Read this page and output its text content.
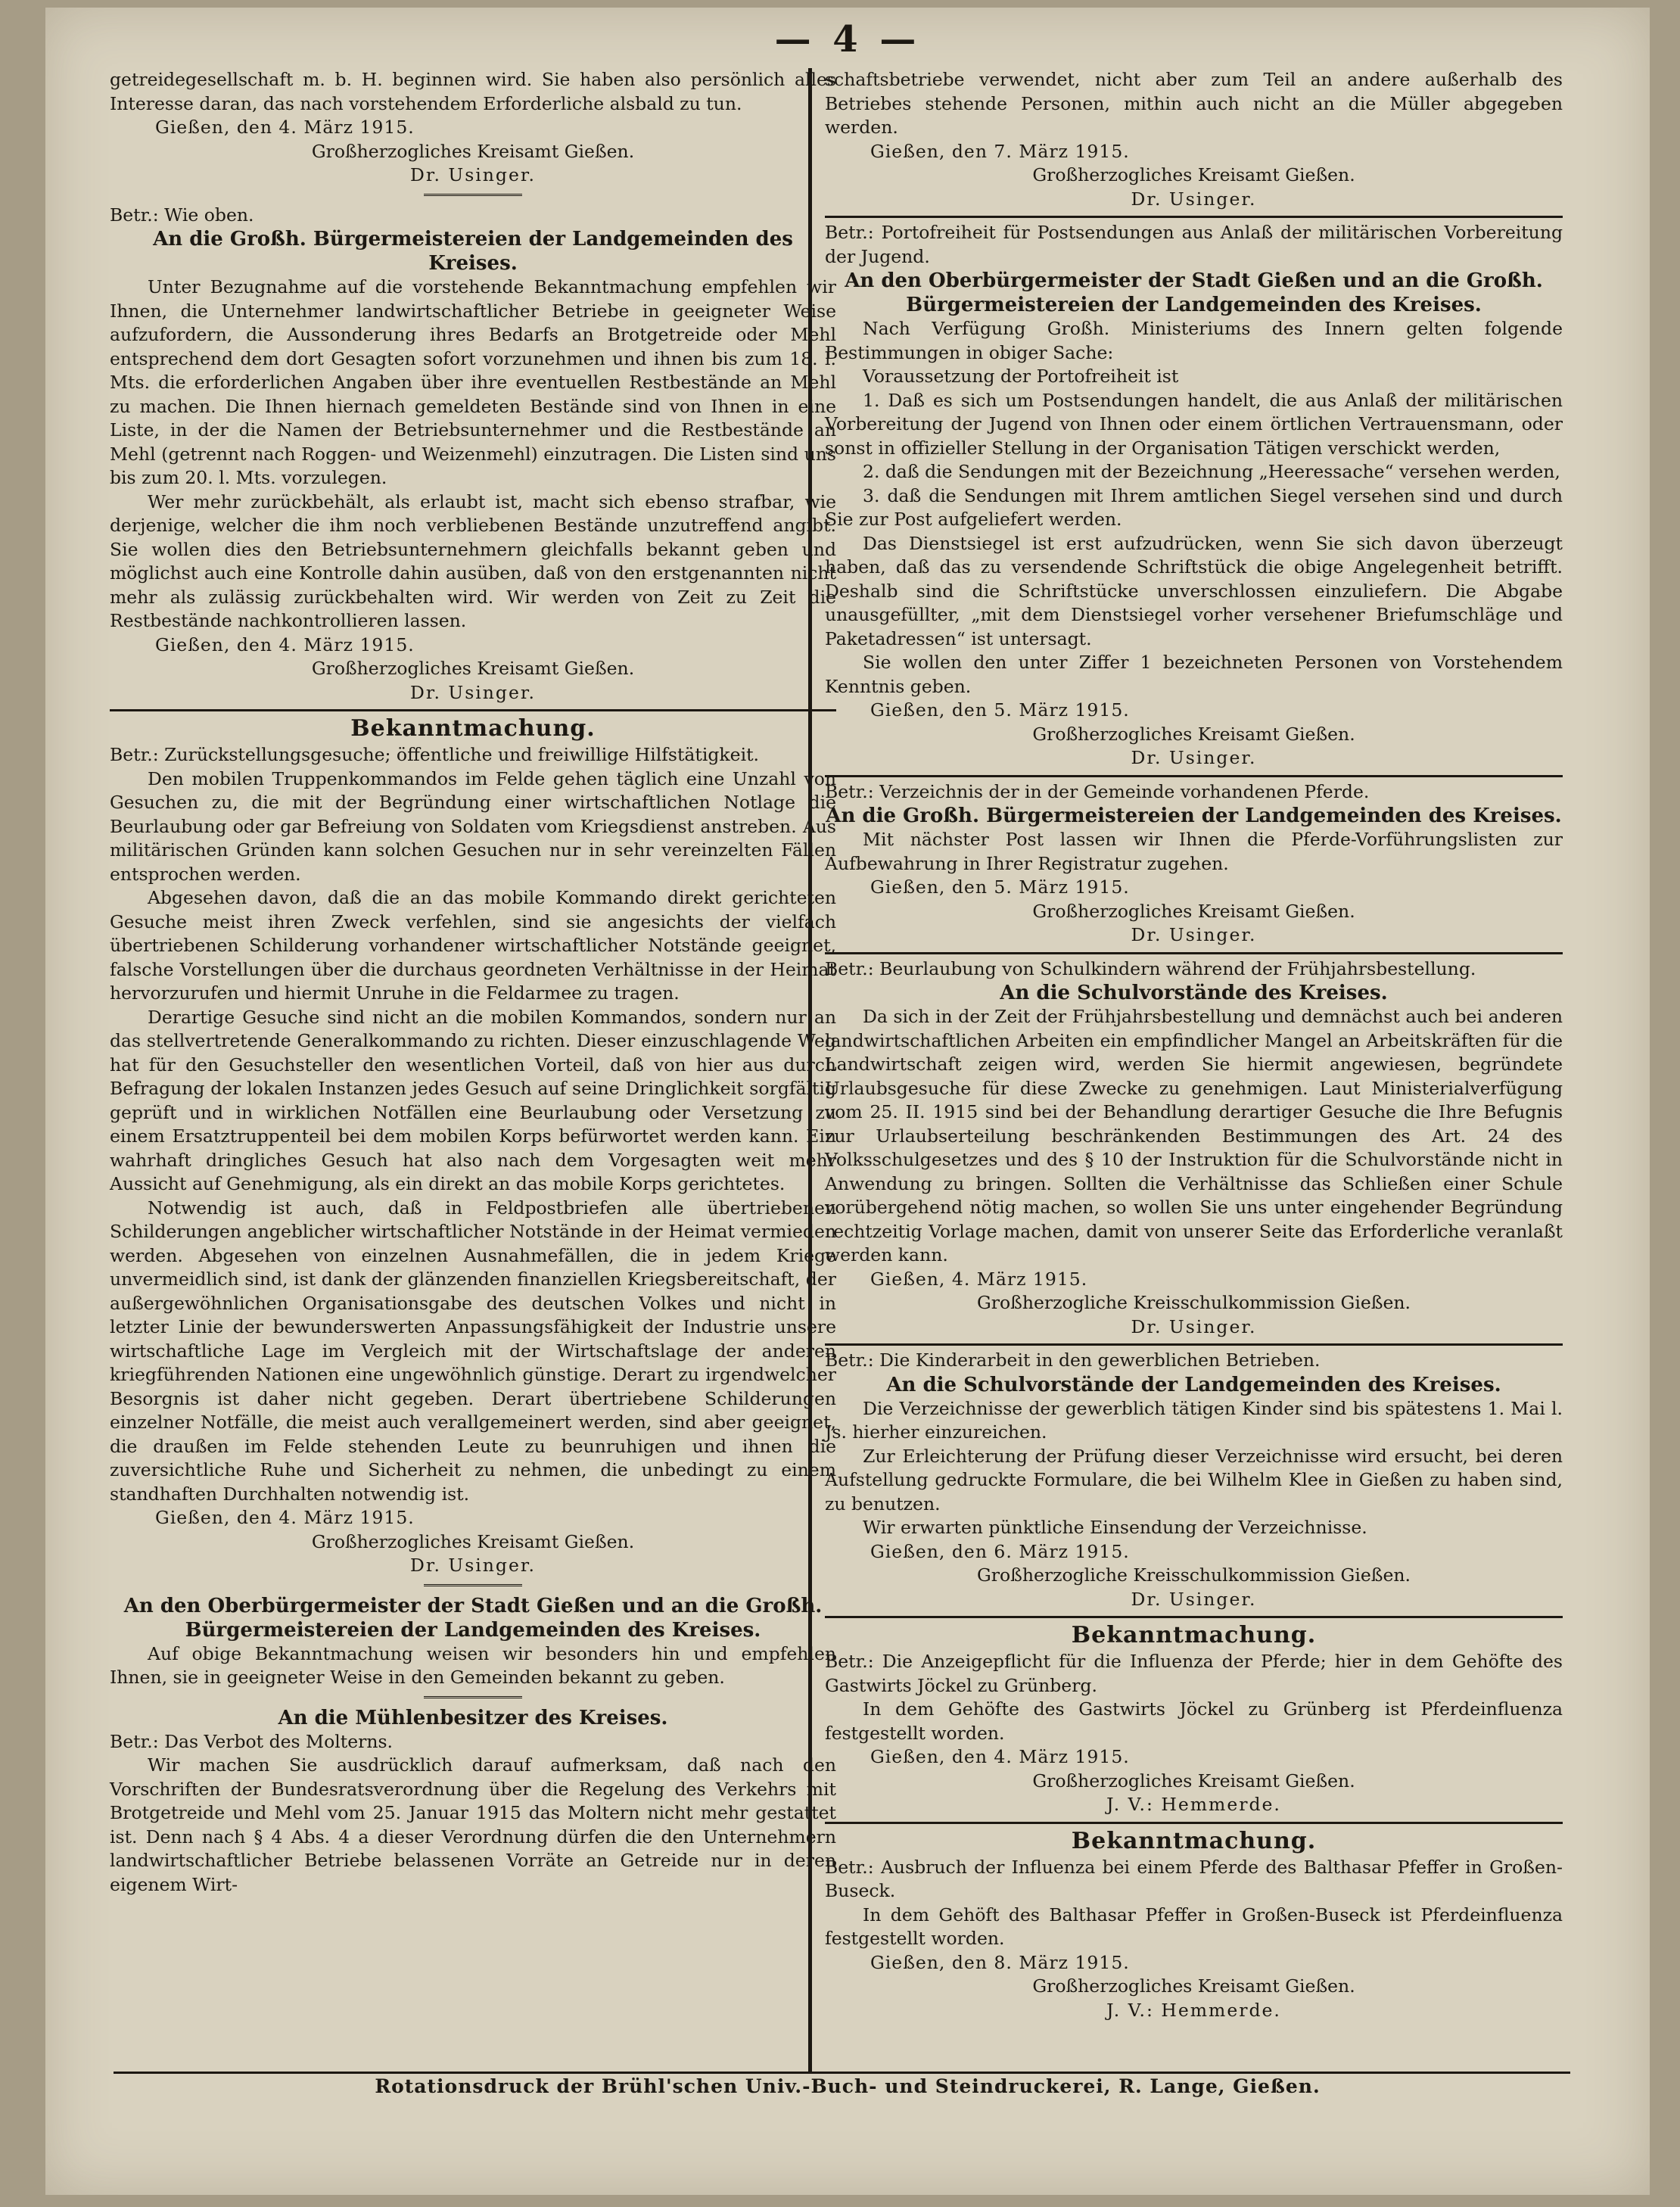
— 4 —

getreidegesellschaft m. b. H. beginnen wird. Sie haben also persönlich alles Interesse daran, das nach vorstehendem Erforderliche alsbald zu tun.

Gießen, den 4. März 1915.

Großherzogliches Kreisamt Gießen.

Dr. Usinger.

Betr.: Wie oben.

An die Großh. Bürgermeistereien der Landgemeinden des Kreises.

Unter Bezugnahme auf die vorstehende Bekanntmachung empfehlen wir Ihnen, die Unternehmer landwirtschaftlicher Betriebe in geeigneter Weise aufzufordern, die Aussonderung ihres Bedarfs an Brotgetreide oder Mehl entsprechend dem dort Gesagten sofort vorzunehmen und ihnen bis zum 18. l. Mts. die erforderlichen Angaben über ihre eventuellen Restbestände an Mehl zu machen. Die Ihnen hiernach gemeldeten Bestände sind von Ihnen in eine Liste, in der die Namen der Betriebsunternehmer und die Restbestände an Mehl (getrennt nach Roggen- und Weizenmehl) einzutragen. Die Listen sind uns bis zum 20. l. Mts. vorzulegen.

Wer mehr zurückbehält, als erlaubt ist, macht sich ebenso strafbar, wie derjenige, welcher die ihm noch verbliebenen Bestände unzutreffend angibt. Sie wollen dies den Betriebsunternehmern gleichfalls bekannt geben und möglichst auch eine Kontrolle dahin ausüben, daß von den erstgenannten nicht mehr als zulässig zurückbehalten wird. Wir werden von Zeit zu Zeit die Restbestände nachkontrollieren lassen.

Gießen, den 4. März 1915.

Großherzogliches Kreisamt Gießen.

Dr. Usinger.

Bekanntmachung.

Betr.: Zurückstellungsgesuche; öffentliche und freiwillige Hilfstätigkeit.

Den mobilen Truppenkommandos im Felde gehen täglich eine Unzahl von Gesuchen zu, die mit der Begründung einer wirtschaftlichen Notlage die Beurlaubung oder gar Befreiung von Soldaten vom Kriegsdienst anstreben. Aus militärischen Gründen kann solchen Gesuchen nur in sehr vereinzelten Fällen entsprochen werden.

Abgesehen davon, daß die an das mobile Kommando direkt gerichteten Gesuche meist ihren Zweck verfehlen, sind sie angesichts der vielfach übertriebenen Schilderung vorhandener wirtschaftlicher Notstände geeignet, falsche Vorstellungen über die durchaus geordneten Verhältnisse in der Heimat hervorzurufen und hiermit Unruhe in die Feldarmee zu tragen.

Derartige Gesuche sind nicht an die mobilen Kommandos, sondern nur an das stellvertretende Generalkommando zu richten. Dieser einzuschlagende Weg hat für den Gesuchsteller den wesentlichen Vorteil, daß von hier aus durch Befragung der lokalen Instanzen jedes Gesuch auf seine Dringlichkeit sorgfältig geprüft und in wirklichen Notfällen eine Beurlaubung oder Versetzung zu einem Ersatztruppenteil bei dem mobilen Korps befürwortet werden kann. Ein wahrhaft dringliches Gesuch hat also nach dem Vorgesagten weit mehr Aussicht auf Genehmigung, als ein direkt an das mobile Korps gerichtetes.

Notwendig ist auch, daß in Feldpostbriefen alle übertriebenen Schilderungen angeblicher wirtschaftlicher Notstände in der Heimat vermieden werden. Abgesehen von einzelnen Ausnahmefällen, die in jedem Kriege unvermeidlich sind, ist dank der glänzenden finanziellen Kriegsbereitschaft, der außergewöhnlichen Organisationsgabe des deutschen Volkes und nicht in letzter Linie der bewunderswerten Anpassungsfähigkeit der Industrie unsere wirtschaftliche Lage im Vergleich mit der Wirtschaftslage der anderen kriegführenden Nationen eine ungewöhnlich günstige. Derart zu irgendwelcher Besorgnis ist daher nicht gegeben. Derart übertriebene Schilderungen einzelner Notfälle, die meist auch verallgemeinert werden, sind aber geeignet, die draußen im Felde stehenden Leute zu beunruhigen und ihnen die zuversichtliche Ruhe und Sicherheit zu nehmen, die unbedingt zu einem standhaften Durchhalten notwendig ist.

Gießen, den 4. März 1915.

Großherzogliches Kreisamt Gießen.

Dr. Usinger.

An den Oberbürgermeister der Stadt Gießen und an die Großh. Bürgermeistereien der Landgemeinden des Kreises.

Auf obige Bekanntmachung weisen wir besonders hin und empfehlen Ihnen, sie in geeigneter Weise in den Gemeinden bekannt zu geben.

An die Mühlenbesitzer des Kreises.

Betr.: Das Verbot des Molterns.

Wir machen Sie ausdrücklich darauf aufmerksam, daß nach den Vorschriften der Bundesratsverordnung über die Regelung des Verkehrs mit Brotgetreide und Mehl vom 25. Januar 1915 das Moltern nicht mehr gestattet ist. Denn nach § 4 Abs. 4 a dieser Verordnung dürfen die den Unternehmern landwirtschaftlicher Betriebe belassenen Vorräte an Getreide nur in deren eigenem Wirt-

schaftsbetriebe verwendet, nicht aber zum Teil an andere außerhalb des Betriebes stehende Personen, mithin auch nicht an die Müller abgegeben werden.

Gießen, den 7. März 1915.

Großherzogliches Kreisamt Gießen.

Dr. Usinger.

Betr.: Portofreiheit für Postsendungen aus Anlaß der militärischen Vorbereitung der Jugend.

An den Oberbürgermeister der Stadt Gießen und an die Großh. Bürgermeistereien der Landgemeinden des Kreises.

Nach Verfügung Großh. Ministeriums des Innern gelten folgende Bestimmungen in obiger Sache:

Voraussetzung der Portofreiheit ist

1. Daß es sich um Postsendungen handelt, die aus Anlaß der militärischen Vorbereitung der Jugend von Ihnen oder einem örtlichen Vertrauensmann, oder sonst in offizieller Stellung in der Organisation Tätigen verschickt werden,

2. daß die Sendungen mit der Bezeichnung „Heeressache“ versehen werden,

3. daß die Sendungen mit Ihrem amtlichen Siegel versehen sind und durch Sie zur Post aufgeliefert werden.

Das Dienstsiegel ist erst aufzudrücken, wenn Sie sich davon überzeugt haben, daß das zu versendende Schriftstück die obige Angelegenheit betrifft. Deshalb sind die Schriftstücke unverschlossen einzuliefern. Die Abgabe unausgefüllter, „mit dem Dienstsiegel vorher versehener Briefumschläge und Paketadressen“ ist untersagt.

Sie wollen den unter Ziffer 1 bezeichneten Personen von Vorstehendem Kenntnis geben.

Gießen, den 5. März 1915.

Großherzogliches Kreisamt Gießen.

Dr. Usinger.

Betr.: Verzeichnis der in der Gemeinde vorhandenen Pferde.

An die Großh. Bürgermeistereien der Landgemeinden des Kreises.

Mit nächster Post lassen wir Ihnen die Pferde-Vorführungslisten zur Aufbewahrung in Ihrer Registratur zugehen.

Gießen, den 5. März 1915.

Großherzogliches Kreisamt Gießen.

Dr. Usinger.

Betr.: Beurlaubung von Schulkindern während der Frühjahrsbestellung.

An die Schulvorstände des Kreises.

Da sich in der Zeit der Frühjahrsbestellung und demnächst auch bei anderen landwirtschaftlichen Arbeiten ein empfindlicher Mangel an Arbeitskräften für die Landwirtschaft zeigen wird, werden Sie hiermit angewiesen, begründete Urlaubsgesuche für diese Zwecke zu genehmigen. Laut Ministerialverfügung vom 25. II. 1915 sind bei der Behandlung derartiger Gesuche die Ihre Befugnis zur Urlaubserteilung beschränkenden Bestimmungen des Art. 24 des Volksschulgesetzes und des § 10 der Instruktion für die Schulvorstände nicht in Anwendung zu bringen. Sollten die Verhältnisse das Schließen einer Schule vorübergehend nötig machen, so wollen Sie uns unter eingehender Begründung rechtzeitig Vorlage machen, damit von unserer Seite das Erforderliche veranlaßt werden kann.

Gießen, 4. März 1915.

Großherzogliche Kreisschulkommission Gießen.

Dr. Usinger.

Betr.: Die Kinderarbeit in den gewerblichen Betrieben.

An die Schulvorstände der Landgemeinden des Kreises.

Die Verzeichnisse der gewerblich tätigen Kinder sind bis spätestens 1. Mai l. Js. hierher einzureichen.

Zur Erleichterung der Prüfung dieser Verzeichnisse wird ersucht, bei deren Aufstellung gedruckte Formulare, die bei Wilhelm Klee in Gießen zu haben sind, zu benutzen.

Wir erwarten pünktliche Einsendung der Verzeichnisse.

Gießen, den 6. März 1915.

Großherzogliche Kreisschulkommission Gießen.

Dr. Usinger.

Bekanntmachung.

Betr.: Die Anzeigepflicht für die Influenza der Pferde; hier in dem Gehöfte des Gastwirts Jöckel zu Grünberg.

In dem Gehöfte des Gastwirts Jöckel zu Grünberg ist Pferdeinfluenza festgestellt worden.

Gießen, den 4. März 1915.

Großherzogliches Kreisamt Gießen.

J. V.: Hemmerde.

Bekanntmachung.

Betr.: Ausbruch der Influenza bei einem Pferde des Balthasar Pfeffer in Großen-Buseck.

In dem Gehöft des Balthasar Pfeffer in Großen-Buseck ist Pferdeinfluenza festgestellt worden.

Gießen, den 8. März 1915.

Großherzogliches Kreisamt Gießen.

J. V.: Hemmerde.

Rotationsdruck der Brühl'schen Univ.-Buch- und Steindruckerei, R. Lange, Gießen.
